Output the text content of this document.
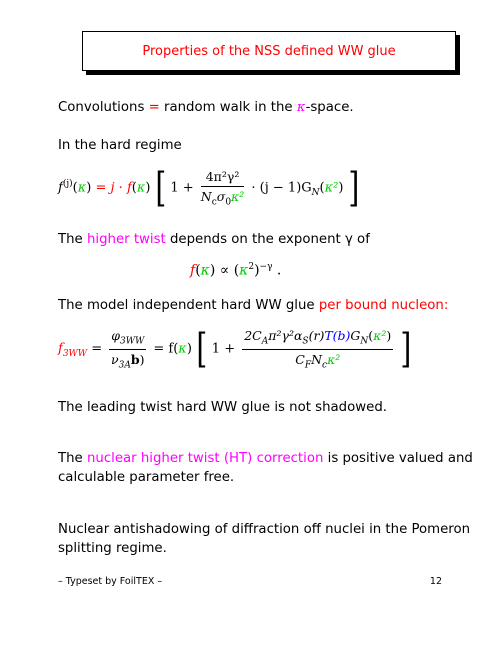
Properties of the NSS defined WW glue
Convolutions = random walk in the κ-space.
In the hard regime
$f^{(j)}(\kappa) = j \cdot f(\kappa)$ [ $1 + \frac{\text{4π²γ²}}{N_c\sigma_0\kappa^2} \cdot (j - 1)G_N(\kappa^2)$ ]
The higher twist depends on the exponent γ of
$f(\kappa) \propto (\kappa^2)^{-\gamma}$ .
The model independent hard WW glue per bound nucleon:
$f_{3WW} = \frac{\varphi_{3WW}}{\nu_{3A}b)} = f(\kappa)$ [ $1 + \frac{2C_A\pi^2\gamma^2\alpha_S(r)T(b)G_N(\kappa^2)}{C_FN_c\kappa^2}$ ]
The leading twist hard WW glue is not shadowed.
The nuclear higher twist (HT) correction is positive valued and
calculable parameter free.
Nuclear antishadowing of diffraction off nuclei in the Pomeron
splitting regime.
– Typeset by FoilTEX –	12
